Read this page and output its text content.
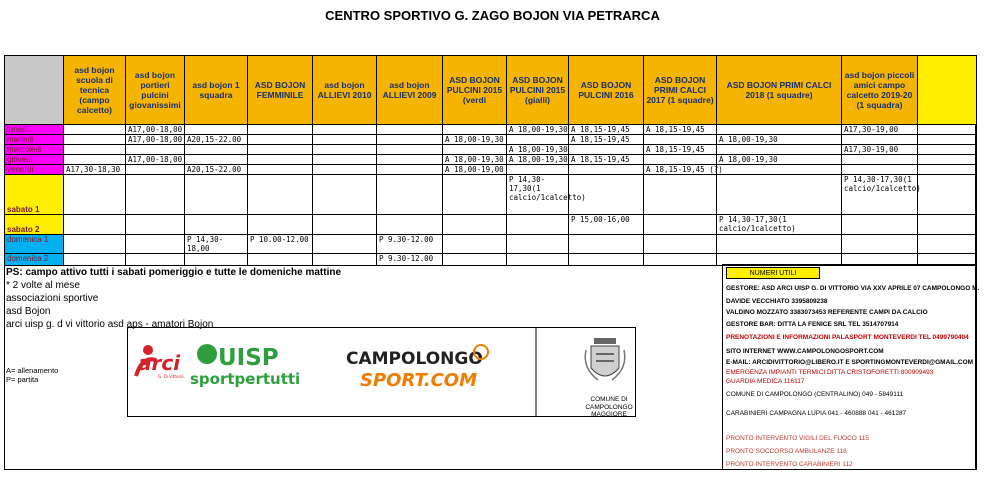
CENTRO SPORTIVO G. ZAGO BOJON VIA PETRARCA
	asd bojon scuola di tecnica (campo calcetto)	asd bojon portieri pulcini giovanissimi	asd bojon 1 squadra	ASD BOJON FEMMINILE	asd bojon ALLIEVI 2010	asd bojon ALLIEVI 2009	ASD BOJON PULCINI 2015 (verdi	ASD BOJON PULCINI 2015 (gialli)	ASD BOJON PULCINI 2016	ASD BOJON PRIMI CALCI 2017 (1 squadre)	ASD BOJON PRIMI CALCI 2018 (1 squadre)	asd bojon piccoli amici campo calcetto 2019-20 (1 squadra)	
lunedi		A17,00-18,00						A 18,00-19,30	A 18,15-19,45	A 18,15-19,45		A17,30-19,00	
martedi		A17,00-18,00	A20,15-22.00				A 18,00-19,30		A 18,15-19,45		A 18,00-19,30		
mercoledi								A 18,00-19,30		A 18,15-19,45		A17,30-19,00	
giovedi		A17,00-18,00					A 18,00-19,30	A 18,00-19,30	A 18,15-19,45		A 18,00-19,30		
venerdi	A17,30-18,30		A20,15-22.00				A 18,00-19,00			A 18,15-19,45 (?)			
sabato 1								P 14,30-17,30(1 calcio/1calcetto)				P 14,30-17,30(1 calcio/1calcetto)	
sabato 2									P 15,00-16,00		P 14,30-17,30(1 calcio/1calcetto)		
domenica 1			P 14,30-18,00	P 10.00-12.00		P 9.30-12.00							
domenica 2						P 9.30-12.00							
PS: campo attivo tutti i sabati pomeriggio e tutte le domeniche mattine
* 2 volte al mese
associazioni sportive
asd Bojon
arci uisp g. d vi vittorio asd aps - amatori Bojon
A= allenamento
P= partita
arci
G. Di Vittorio
UISP
sportpertutti
CAMPOLONGO
SPORT.COM
COMUNE DI CAMPOLONGO MAGGIORE
NUMERI UTILI
GESTORE: ASD ARCI UISP G. DI VITTORIO VIA XXV APRILE 07 CAMPOLONGO M.
DAVIDE VECCHIATO 3395809238
VALDINO MOZZATO 3383073453 REFERENTE CAMPI DA CALCIO
GESTORE BAR: DITTA LA FENICE SRL TEL 3514707914
PRENOTAZIONI E INFORMAZIONI PALASPORT MONTEVERDI TEL 0499790404
SITO INTERNET WWW.CAMPOLONGOSPORT.COM
E-MAIL: ARCIDIVITTORIO@LIBERO.IT E SPORTINGMONTEVERDI@GMAIL.COM
EMERGENZA IMPIANTI TERMICI DITTA CRISTOFORETTI 800909493
GUARDIA MEDICA 116117
COMUNE DI CAMPOLONGO (CENTRALINO) 049 - 5849111
CARABINIERI CAMPAGNA LUPIA 041 - 460888 041 - 461287
PRONTO INTERVENTO VIGILI DEL FUOCO 115
PRONTO SOCCORSO AMBULANZE 118
PRONTO INTERVENTO CARABINIERI 112
